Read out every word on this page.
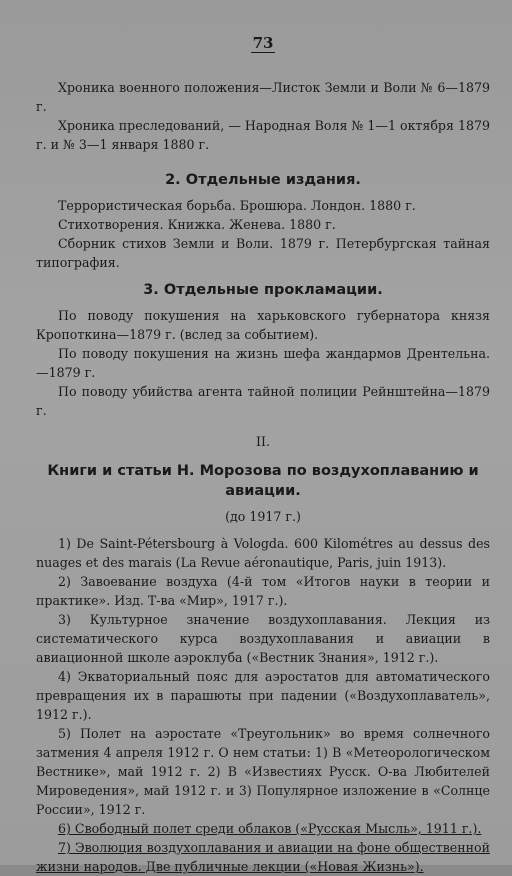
73

Хроника военного положения—Листок Земли и Воли № 6—1879 г.

Хроника преследований, — Народная Воля № 1—1 октября 1879 г. и № 3—1 января 1880 г.

2. Отдельные издания.

Террористическая борьба. Брошюра. Лондон. 1880 г.

Стихотворения. Книжка. Женева. 1880 г.

Сборник стихов Земли и Воли. 1879 г. Петербургская тайная типография.

3. Отдельные прокламации.

По поводу покушения на харьковского губернатора князя Кропоткина—1879 г. (вслед за событием).

По поводу покушения на жизнь шефа жандармов Дрентельна.—1879 г.

По поводу убийства агента тайной полиции Рейнштейна—1879 г.

II.
Книги и статьи Н. Морозова по воздухоплаванию и авиации.
(до 1917 г.)

1) De Saint-Pétersbourg à Vologda. 600 Kilométres au dessus des nuages et des marais (La Revue aéronautique, Paris, juin 1913).

2) Завоевание воздуха (4-й том «Итогов науки в теории и практике». Изд. Т-ва «Мир», 1917 г.).

3) Культурное значение воздухоплавания. Лекция из систематического курса воздухоплавания и авиации в авиационной школе аэроклуба («Вестник Знания», 1912 г.).

4) Экваториальный пояс для аэростатов для автоматического превращения их в парашюты при падении («Воздухоплаватель», 1912 г.).

5) Полет на аэростате «Треугольник» во время солнечного затмения 4 апреля 1912 г. О нем статьи: 1) В «Метеорологическом Вестнике», май 1912 г. 2) В «Известиях Русск. О-ва Любителей Мироведения», май 1912 г. и 3) Популярное изложение в «Солнце России», 1912 г.

6) Свободный полет среди облаков («Русская Мысль», 1911 г.).

7) Эволюция воздухоплавания и авиации на фоне общественной жизни народов. Две публичные лекции («Новая Жизнь»).
